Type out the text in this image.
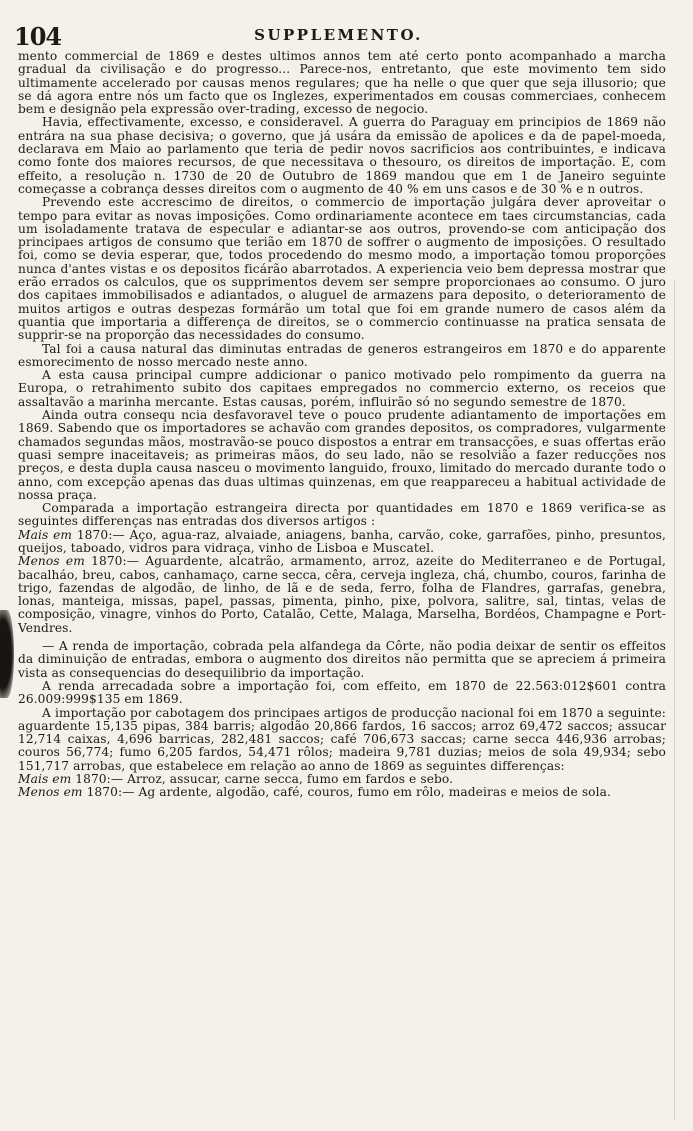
104	SUPPLEMENTO.

mento commercial de 1869 e destes ultimos annos tem até certo ponto acompanhado a marcha gradual da civilisação e do progresso... Parece-nos, entretanto, que este movimento tem sido ultimamente accelerado por causas menos regulares; que ha nelle o que quer que seja illusorio; que se dá agora entre nós um facto que os Inglezes, experimentados em cousas commerciaes, conhecem bem e designão pela expressão over-trading, excesso de negocio.

Havia, effectivamente, excesso, e consideravel. A guerra do Paraguay em principios de 1869 não entrára na sua phase decisiva; o governo, que já usára da emissão de apolices e da de papel-moeda, declarava em Maio ao parlamento que teria de pedir novos sacrificios aos contribuintes, e indicava como fonte dos maiores recursos, de que necessitava o thesouro, os direitos de importação. E, com effeito, a resolução n. 1730 de 20 de Outubro de 1869 mandou que em 1 de Janeiro seguinte começasse a cobrança desses direitos com o augmento de 40 % em uns casos e de 30 % e n outros.

Prevendo este accrescimo de direitos, o commercio de importação julgára dever aproveitar o tempo para evitar as novas imposições. Como ordinariamente acontece em taes circumstancias, cada um isoladamente tratava de especular e adiantar-se aos outros, provendo-se com anticipação dos principaes artigos de consumo que terião em 1870 de soffrer o augmento de imposições. O resultado foi, como se devia esperar, que, todos procedendo do mesmo modo, a importação tomou proporções nunca d'antes vistas e os depositos ficárão abarrotados. A experiencia veio bem depressa mostrar que erão errados os calculos, que os supprimentos devem ser sempre proporcionaes ao consumo. O juro dos capitaes immobilisados e adiantados, o aluguel de armazens para deposito, o deterioramento de muitos artigos e outras despezas formárão um total que foi em grande numero de casos além da quantia que importaria a differença de direitos, se o commercio continuasse na pratica sensata de supprir-se na proporção das necessidades do consumo.

Tal foi a causa natural das diminutas entradas de generos estrangeiros em 1870 e do apparente esmorecimento de nosso mercado neste anno.

A esta causa principal cumpre addicionar o panico motivado pelo rompimento da guerra na Europa, o retrahimento subito dos capitaes empregados no commercio externo, os receios que assaltavão a marinha mercante. Estas causas, porém, influirão só no segundo semestre de 1870.

Ainda outra consequ ncia desfavoravel teve o pouco prudente adiantamento de importações em 1869. Sabendo que os importadores se achavão com grandes depositos, os compradores, vulgarmente chamados segundas mãos, mostravão-se pouco dispostos a entrar em transacções, e suas offertas erão quasi sempre inaceitaveis; as primeiras mãos, do seu lado, não se resolvião a fazer reducções nos preços, e desta dupla causa nasceu o movimento languido, frouxo, limitado do mercado durante todo o anno, com excepção apenas das duas ultimas quinzenas, em que reappareceu a habitual actividade de nossa praça.

Comparada a importação estrangeira directa por quantidades em 1870 e 1869 verifica-se as seguintes differenças nas entradas dos diversos artigos :

Mais em 1870:— Aço, agua-raz, alvaiade, aniagens, banha, carvão, coke, garrafões, pinho, presuntos, queijos, taboado, vidros para vidraça, vinho de Lisboa e Muscatel.

Menos em 1870:— Aguardente, alcatrão, armamento, arroz, azeite do Mediterraneo e de Portugal, bacalháo, breu, cabos, canhamaço, carne secca, cêra, cerveja ingleza, chá, chumbo, couros, farinha de trigo, fazendas de algodão, de linho, de lã e de seda, ferro, folha de Flandres, garrafas, genebra, lonas, manteiga, missas, papel, passas, pimenta, pinho, pixe, polvora, salitre, sal, tintas, velas de composição, vinagre, vinhos do Porto, Catalão, Cette, Malaga, Marselha, Bordéos, Champagne e Port-Vendres.

— A renda de importação, cobrada pela alfandega da Côrte, não podia deixar de sentir os effeitos da diminuição de entradas, embora o augmento dos direitos não permitta que se apreciem á primeira vista as consequencias do desequilibrio da importação.

A renda arrecadada sobre a importação foi, com effeito, em 1870 de 22.563:012$601 contra 26.009:999$135 em 1869.

A importação por cabotagem dos principaes artigos de producção nacional foi em 1870 a seguinte: aguardente 15,135 pipas, 384 barris; algodão 20,866 fardos, 16 saccos; arroz 69,472 saccos; assucar 12,714 caixas, 4,696 barricas, 282,481 saccos; café 706,673 saccas; carne secca 446,936 arrobas; couros 56,774; fumo 6,205 fardos, 54,471 rôlos; madeira 9,781 duzias; meios de sola 49,934; sebo 151,717 arrobas, que estabelece em relação ao anno de 1869 as seguintes differenças:

Mais em 1870:— Arroz, assucar, carne secca, fumo em fardos e sebo.

Menos em 1870:— Ag ardente, algodão, café, couros, fumo em rôlo, madeiras e meios de sola.
